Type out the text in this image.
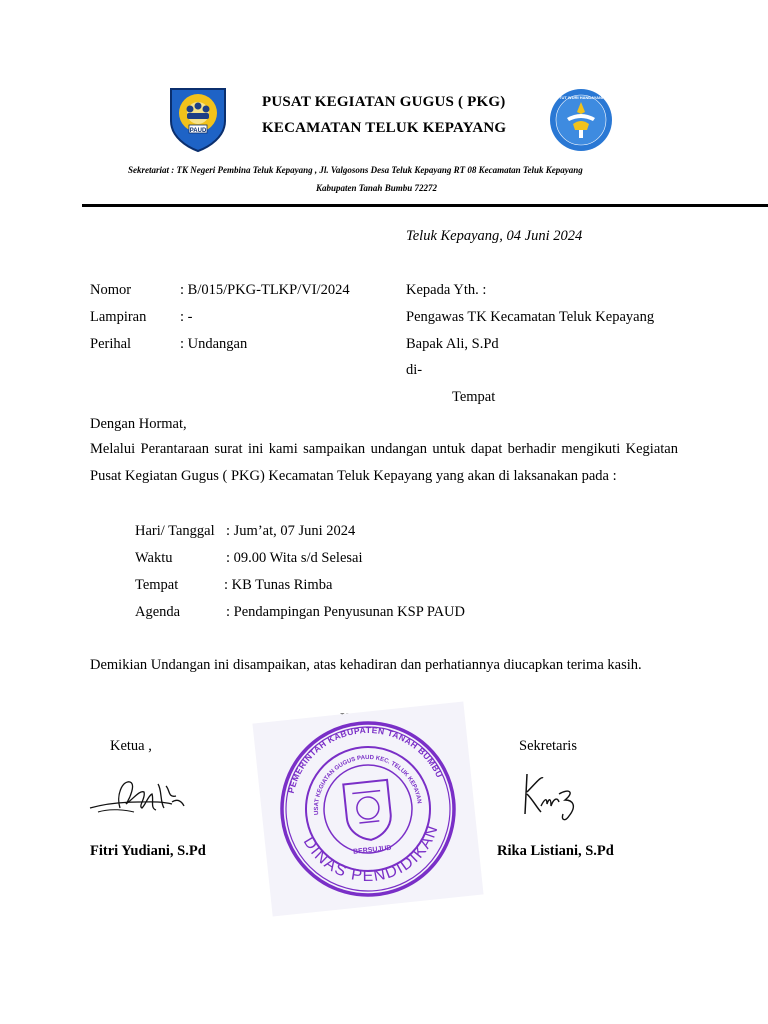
PAUD
PUSAT KEGIATAN GUGUS ( PKG)
KECAMATAN TELUK KEPAYANG
TUT WURI HANDAYANI
Sekretariat : TK Negeri Pembina Teluk Kepayang , Jl. Valgosons Desa Teluk Kepayang RT 08 Kecamatan Teluk Kepayang
Kabupaten Tanah Bumbu 72272
Teluk Kepayang, 04 Juni 2024
Nomor	: B/015/PKG-TLKP/VI/2024
Lampiran : -
Perihal	: Undangan
Kepada Yth. :
Pengawas TK Kecamatan Teluk Kepayang
Bapak Ali, S.Pd
di-
Tempat
Dengan Hormat,
Melalui Perantaraan surat ini kami sampaikan undangan untuk dapat berhadir mengikuti Kegiatan Pusat Kegiatan Gugus ( PKG) Kecamatan Teluk Kepayang yang akan di laksanakan pada :
Hari/ Tanggal : Jum’at, 07 Juni 2024
Waktu	: 09.00 Wita s/d Selesai
Tempat	: KB Tunas Rimba
Agenda	: Pendampingan Penyusunan KSP PAUD
Demikian Undangan ini disampaikan, atas kehadiran dan perhatiannya diucapkan terima kasih.
Ketua ,	Sekretaris
PEMERINTAH KABUPATEN TANAH BUMBU
DINAS PENDIDIKAN
PUSAT KEGIATAN GUGUS PAUD KEC. TELUK KEPAYANG
BERSUJUD
Fitri Yudiani, S.Pd	Rika Listiani, S.Pd
